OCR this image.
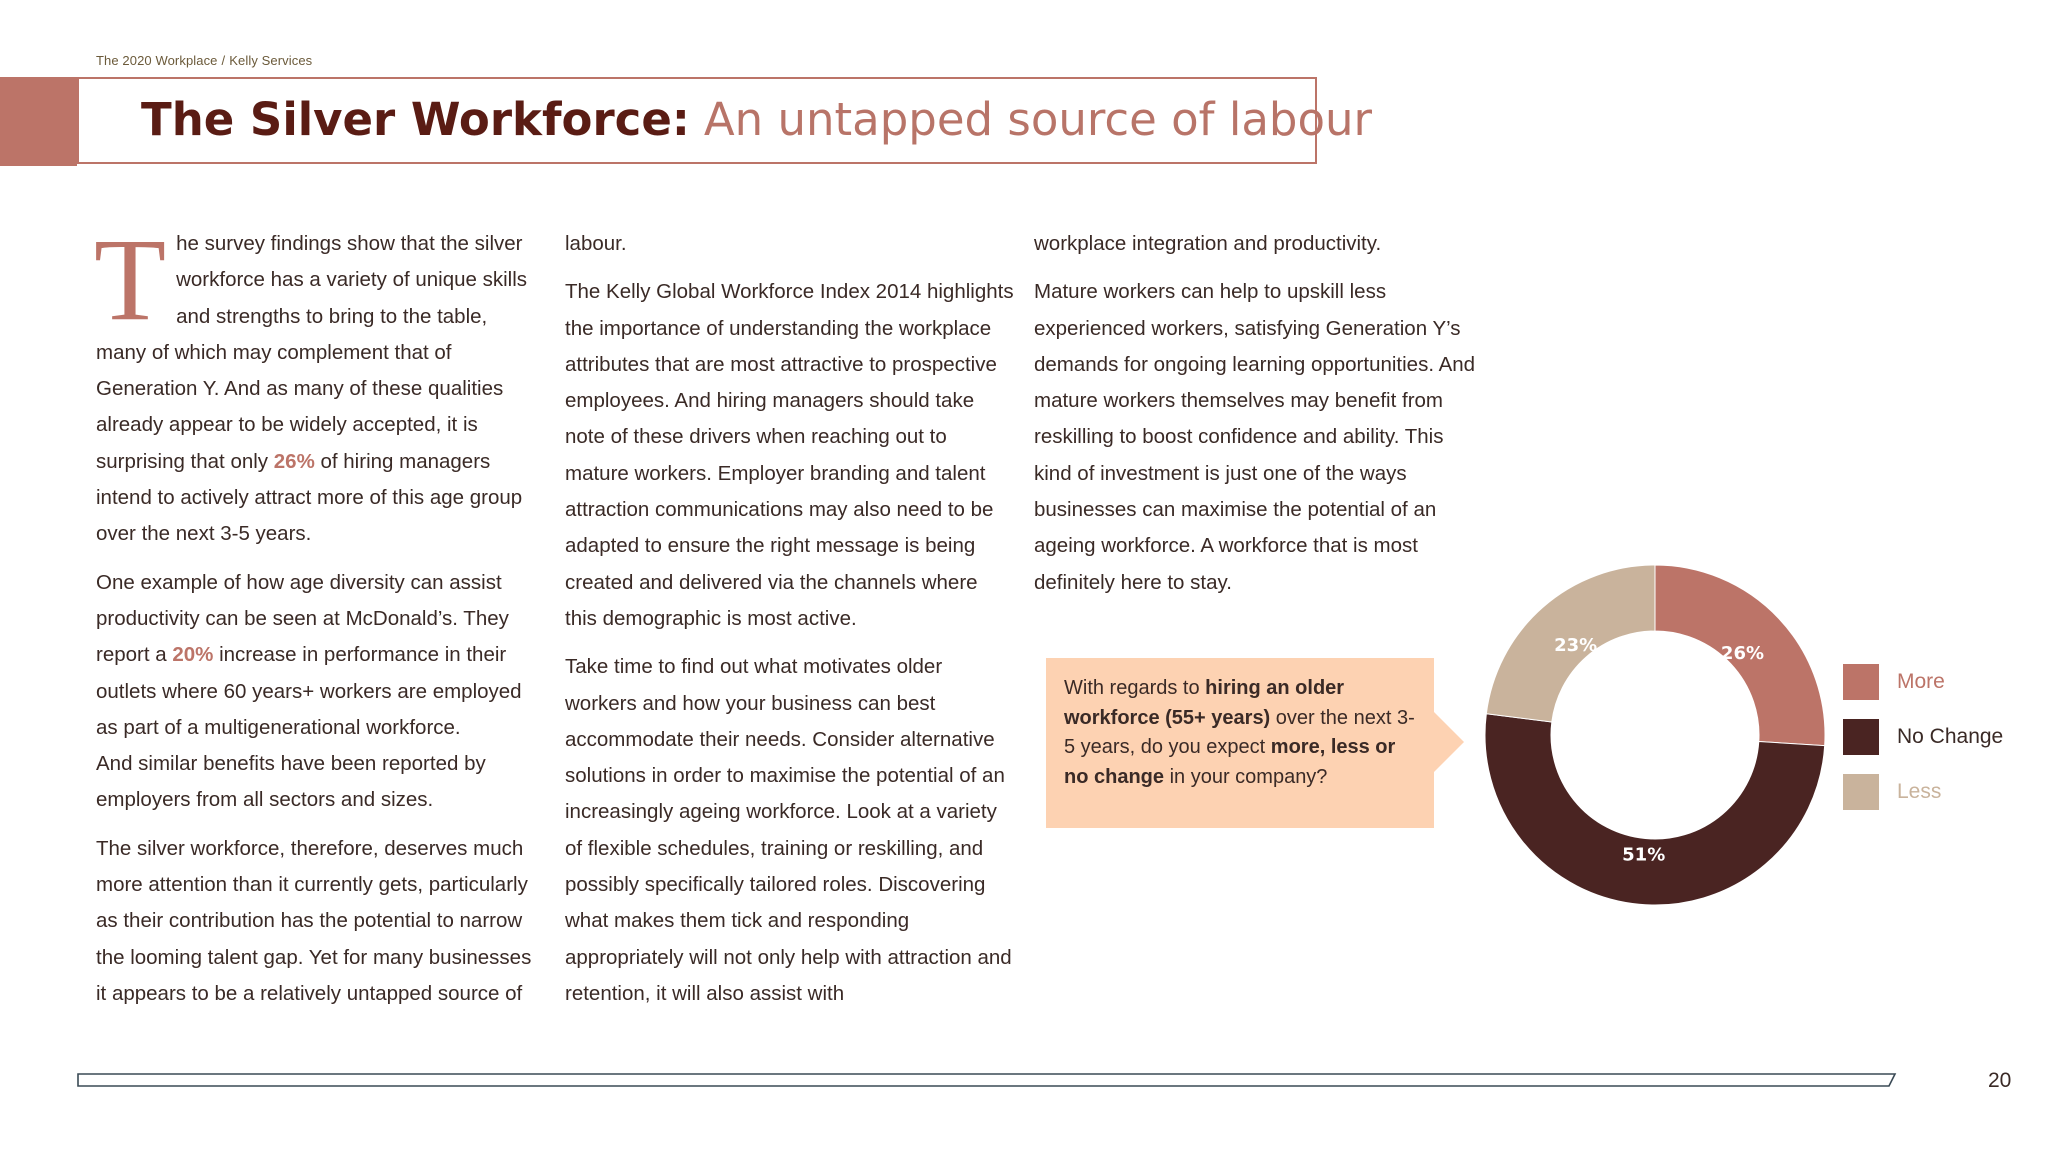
The 2020 Workplace / Kelly Services
The Silver Workforce: An untapped source of labour

The survey findings show that the silver workforce has a variety of unique skills and strengths to bring to the table, many of which may complement that of Generation Y. And as many of these qualities already appear to be widely accepted, it is surprising that only 26% of hiring managers intend to actively attract more of this age group over the next 3-5 years.

One example of how age diversity can assist productivity can be seen at McDonald’s. They report a 20% increase in performance in their outlets where 60 years+ workers are employed as part of a multigenerational workforce.
And similar benefits have been reported by employers from all sectors and sizes.

The silver workforce, therefore, deserves much more attention than it currently gets, particularly as their contribution has the potential to narrow the looming talent gap. Yet for many businesses it appears to be a relatively untapped source of

labour.

The Kelly Global Workforce Index 2014 highlights the importance of understanding the workplace attributes that are most attractive to prospective employees. And hiring managers should take note of these drivers when reaching out to mature workers. Employer branding and talent attraction communications may also need to be adapted to ensure the right message is being created and delivered via the channels where this demographic is most active.

Take time to find out what motivates older workers and how your business can best accommodate their needs. Consider alternative solutions in order to maximise the potential of an increasingly ageing workforce. Look at a variety of flexible schedules, training or reskilling, and possibly specifically tailored roles. Discovering what makes them tick and responding appropriately will not only help with attraction and retention, it will also assist with

workplace integration and productivity.

Mature workers can help to upskill less experienced workers, satisfying Generation Y’s demands for ongoing learning opportunities. And mature workers themselves may benefit from reskilling to boost confidence and ability. This kind of investment is just one of the ways businesses can maximise the potential of an ageing workforce. A workforce that is most definitely here to stay.

With regards to hiring an older workforce (55+ years) over the next 3-5 years, do you expect more, less or no change in your company?
26%
51%
23%
More
No Change
Less
20
